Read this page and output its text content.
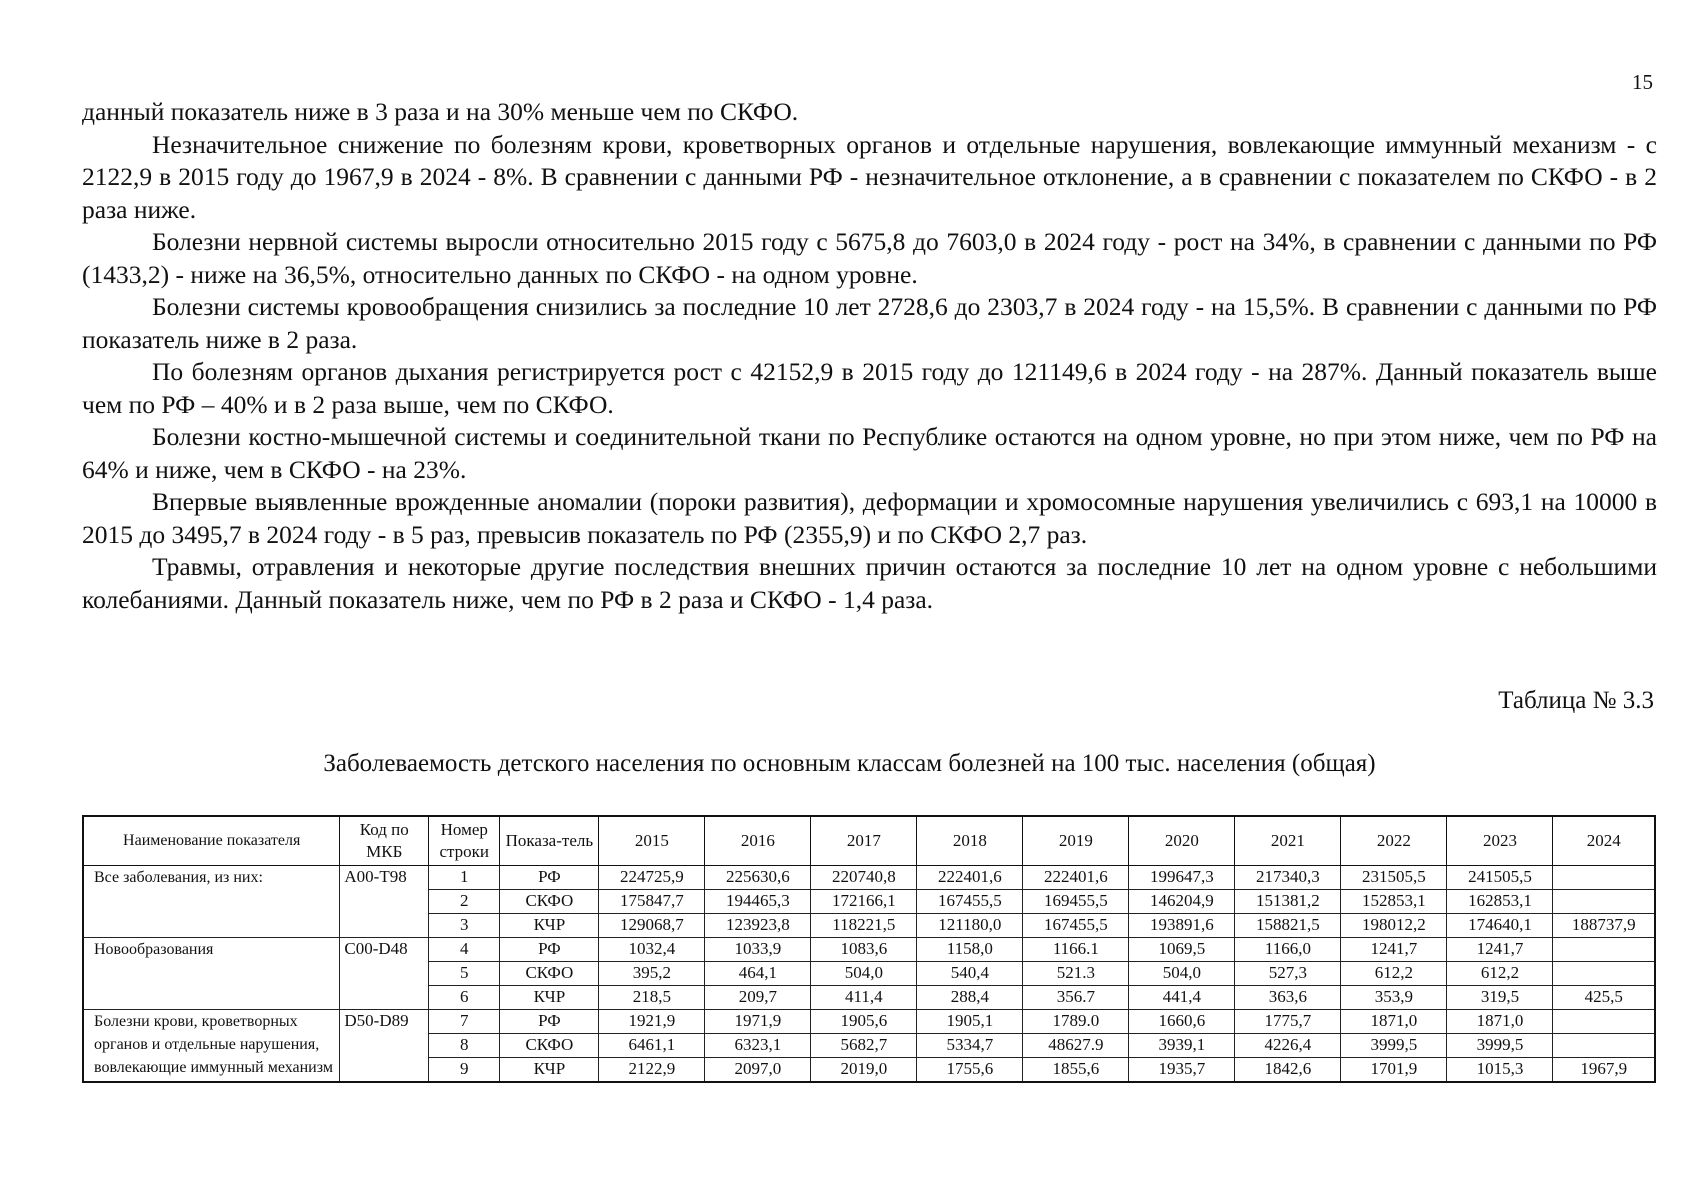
15

данный показатель ниже в 3 раза и на 30% меньше чем по СКФО.

Незначительное снижение по болезням крови, кроветворных органов и отдельные нарушения, вовлекающие иммунный механизм - с 2122,9 в 2015 году до 1967,9 в 2024 - 8%. В сравнении с данными РФ - незначительное отклонение, а в сравнении с показателем по СКФО - в 2 раза ниже.

Болезни нервной системы выросли относительно 2015 году с 5675,8 до 7603,0 в 2024 году - рост на 34%, в сравнении с данными по РФ (1433,2) - ниже на 36,5%, относительно данных по СКФО - на одном уровне.

Болезни системы кровообращения снизились за последние 10 лет 2728,6 до 2303,7 в 2024 году - на 15,5%. В сравнении с данными по РФ показатель ниже в 2 раза.

По болезням органов дыхания регистрируется рост с 42152,9 в 2015 году до 121149,6 в 2024 году - на 287%. Данный показатель выше чем по РФ – 40% и в 2 раза выше, чем по СКФО.

Болезни костно-мышечной системы и соединительной ткани по Республике остаются на одном уровне, но при этом ниже, чем по РФ на 64% и ниже, чем в СКФО - на 23%.

Впервые выявленные врожденные аномалии (пороки развития), деформации и хромосомные нарушения увеличились с 693,1 на 10000 в 2015 до 3495,7 в 2024 году - в 5 раз, превысив показатель по РФ (2355,9) и по СКФО 2,7 раз.

Травмы, отравления и некоторые другие последствия внешних причин остаются за последние 10 лет на одном уровне с небольшими колебаниями. Данный показатель ниже, чем по РФ в 2 раза и СКФО - 1,4 раза.

Таблица № 3.3
Заболеваемость детского населения по основным классам болезней на 100 тыс. населения (общая)
Наименование показателя	Код по МКБ	Номер строки	Показа-тель	2015	2016	2017	2018	2019	2020	2021	2022	2023	2024
Все заболевания, из них:	A00-T98	1	РФ	224725,9	225630,6	220740,8	222401,6	222401,6	199647,3	217340,3	231505,5	241505,5	
		2	СКФО	175847,7	194465,3	172166,1	167455,5	169455,5	146204,9	151381,2	152853,1	162853,1	
		3	КЧР	129068,7	123923,8	118221,5	121180,0	167455,5	193891,6	158821,5	198012,2	174640,1	188737,9
Новообразования	C00-D48	4	РФ	1032,4	1033,9	1083,6	1158,0	1166.1	1069,5	1166,0	1241,7	1241,7	
		5	СКФО	395,2	464,1	504,0	540,4	521.3	504,0	527,3	612,2	612,2	
		6	КЧР	218,5	209,7	411,4	288,4	356.7	441,4	363,6	353,9	319,5	425,5
Болезни крови, кроветворных органов и отдельные нарушения, вовлекающие иммунный механизм	D50-D89	7	РФ	1921,9	1971,9	1905,6	1905,1	1789.0	1660,6	1775,7	1871,0	1871,0	
		8	СКФО	6461,1	6323,1	5682,7	5334,7	48627.9	3939,1	4226,4	3999,5	3999,5	
		9	КЧР	2122,9	2097,0	2019,0	1755,6	1855,6	1935,7	1842,6	1701,9	1015,3	1967,9
